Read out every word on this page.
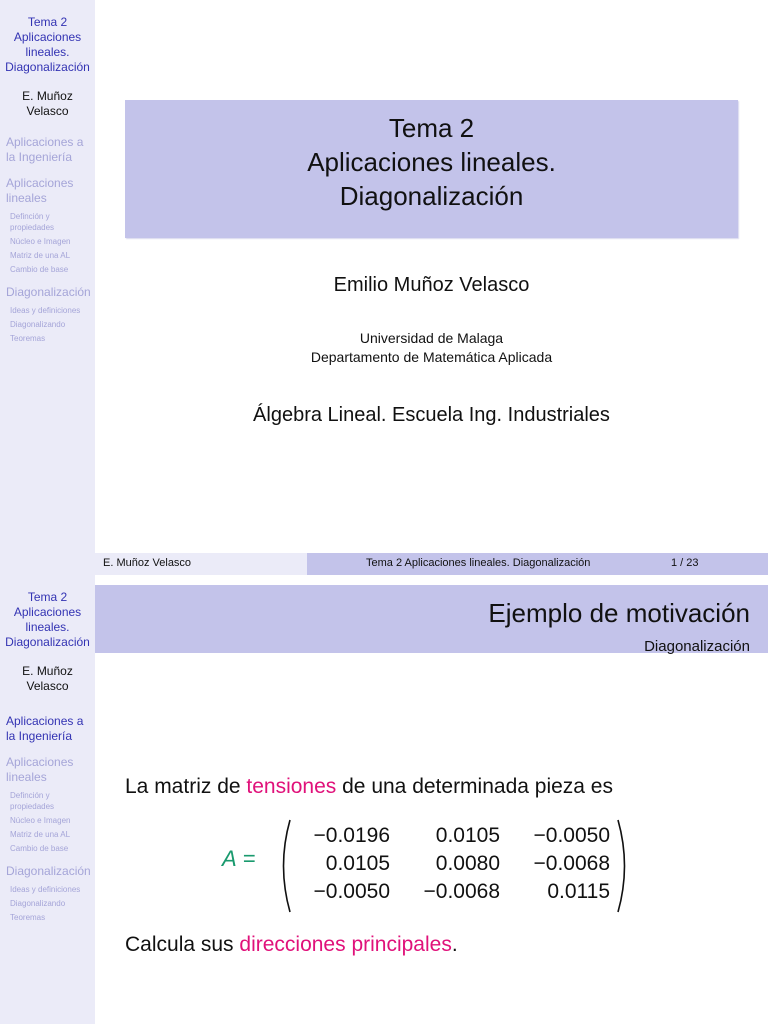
Tema 2
Aplicaciones
lineales.
Diagonalización
E. Muñoz
Velasco
Aplicaciones a
la Ingeniería
Aplicaciones
lineales
Definción y
propiedades
Núcleo e Imagen
Matriz de una AL
Cambio de base
Diagonalización
Ideas y definiciones
Diagonalizando
Teoremas
Tema 2
Aplicaciones lineales.
Diagonalización
Emilio Muñoz Velasco
Universidad de Malaga
Departamento de Matemática Aplicada
Álgebra Lineal. Escuela Ing. Industriales
E. Muñoz Velasco	Tema 2 Aplicaciones lineales. Diagonalización	1 / 23
Tema 2
Aplicaciones
lineales.
Diagonalización
E. Muñoz
Velasco
Aplicaciones a
la Ingeniería
Aplicaciones
lineales
Definción y
propiedades
Núcleo e Imagen
Matriz de una AL
Cambio de base
Diagonalización
Ideas y definiciones
Diagonalizando
Teoremas
Ejemplo de motivación
Diagonalización
La matriz de tensiones de una determinada pieza es
A =
−0.0196	0.0105	−0.0050
0.0105	0.0080	−0.0068
−0.0050	−0.0068	0.0115
Calcula sus direcciones principales.
